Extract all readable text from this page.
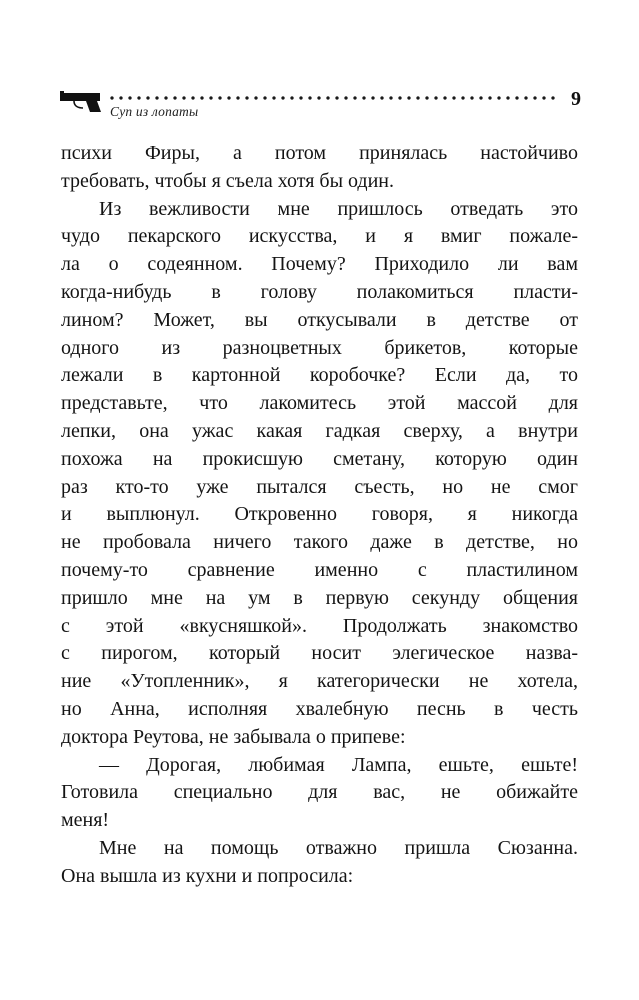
Суп из лопаты
9
психи Фиры, а потом принялась настойчиво
требовать, чтобы я съела хотя бы один.
Из вежливости мне пришлось отведать это
чудо пекарского искусства, и я вмиг пожале-
ла о содеянном. Почему? Приходило ли вам
когда-нибудь в голову полакомиться пласти-
лином? Может, вы откусывали в детстве от
одного из разноцветных брикетов, которые
лежали в картонной коробочке? Если да, то
представьте, что лакомитесь этой массой для
лепки, она ужас какая гадкая сверху, а внутри
похожа на прокисшую сметану, которую один
раз кто-то уже пытался съесть, но не смог
и выплюнул. Откровенно говоря, я никогда
не пробовала ничего такого даже в детстве, но
почему-то сравнение именно с пластилином
пришло мне на ум в первую секунду общения
с этой «вкусняшкой». Продолжать знакомство
с пирогом, который носит элегическое назва-
ние «Утопленник», я категорически не хотела,
но Анна, исполняя хвалебную песнь в честь
доктора Реутова, не забывала о припеве:
— Дорогая, любимая Лампа, ешьте, ешьте!
Готовила специально для вас, не обижайте
меня!
Мне на помощь отважно пришла Сюзанна.
Она вышла из кухни и попросила:
